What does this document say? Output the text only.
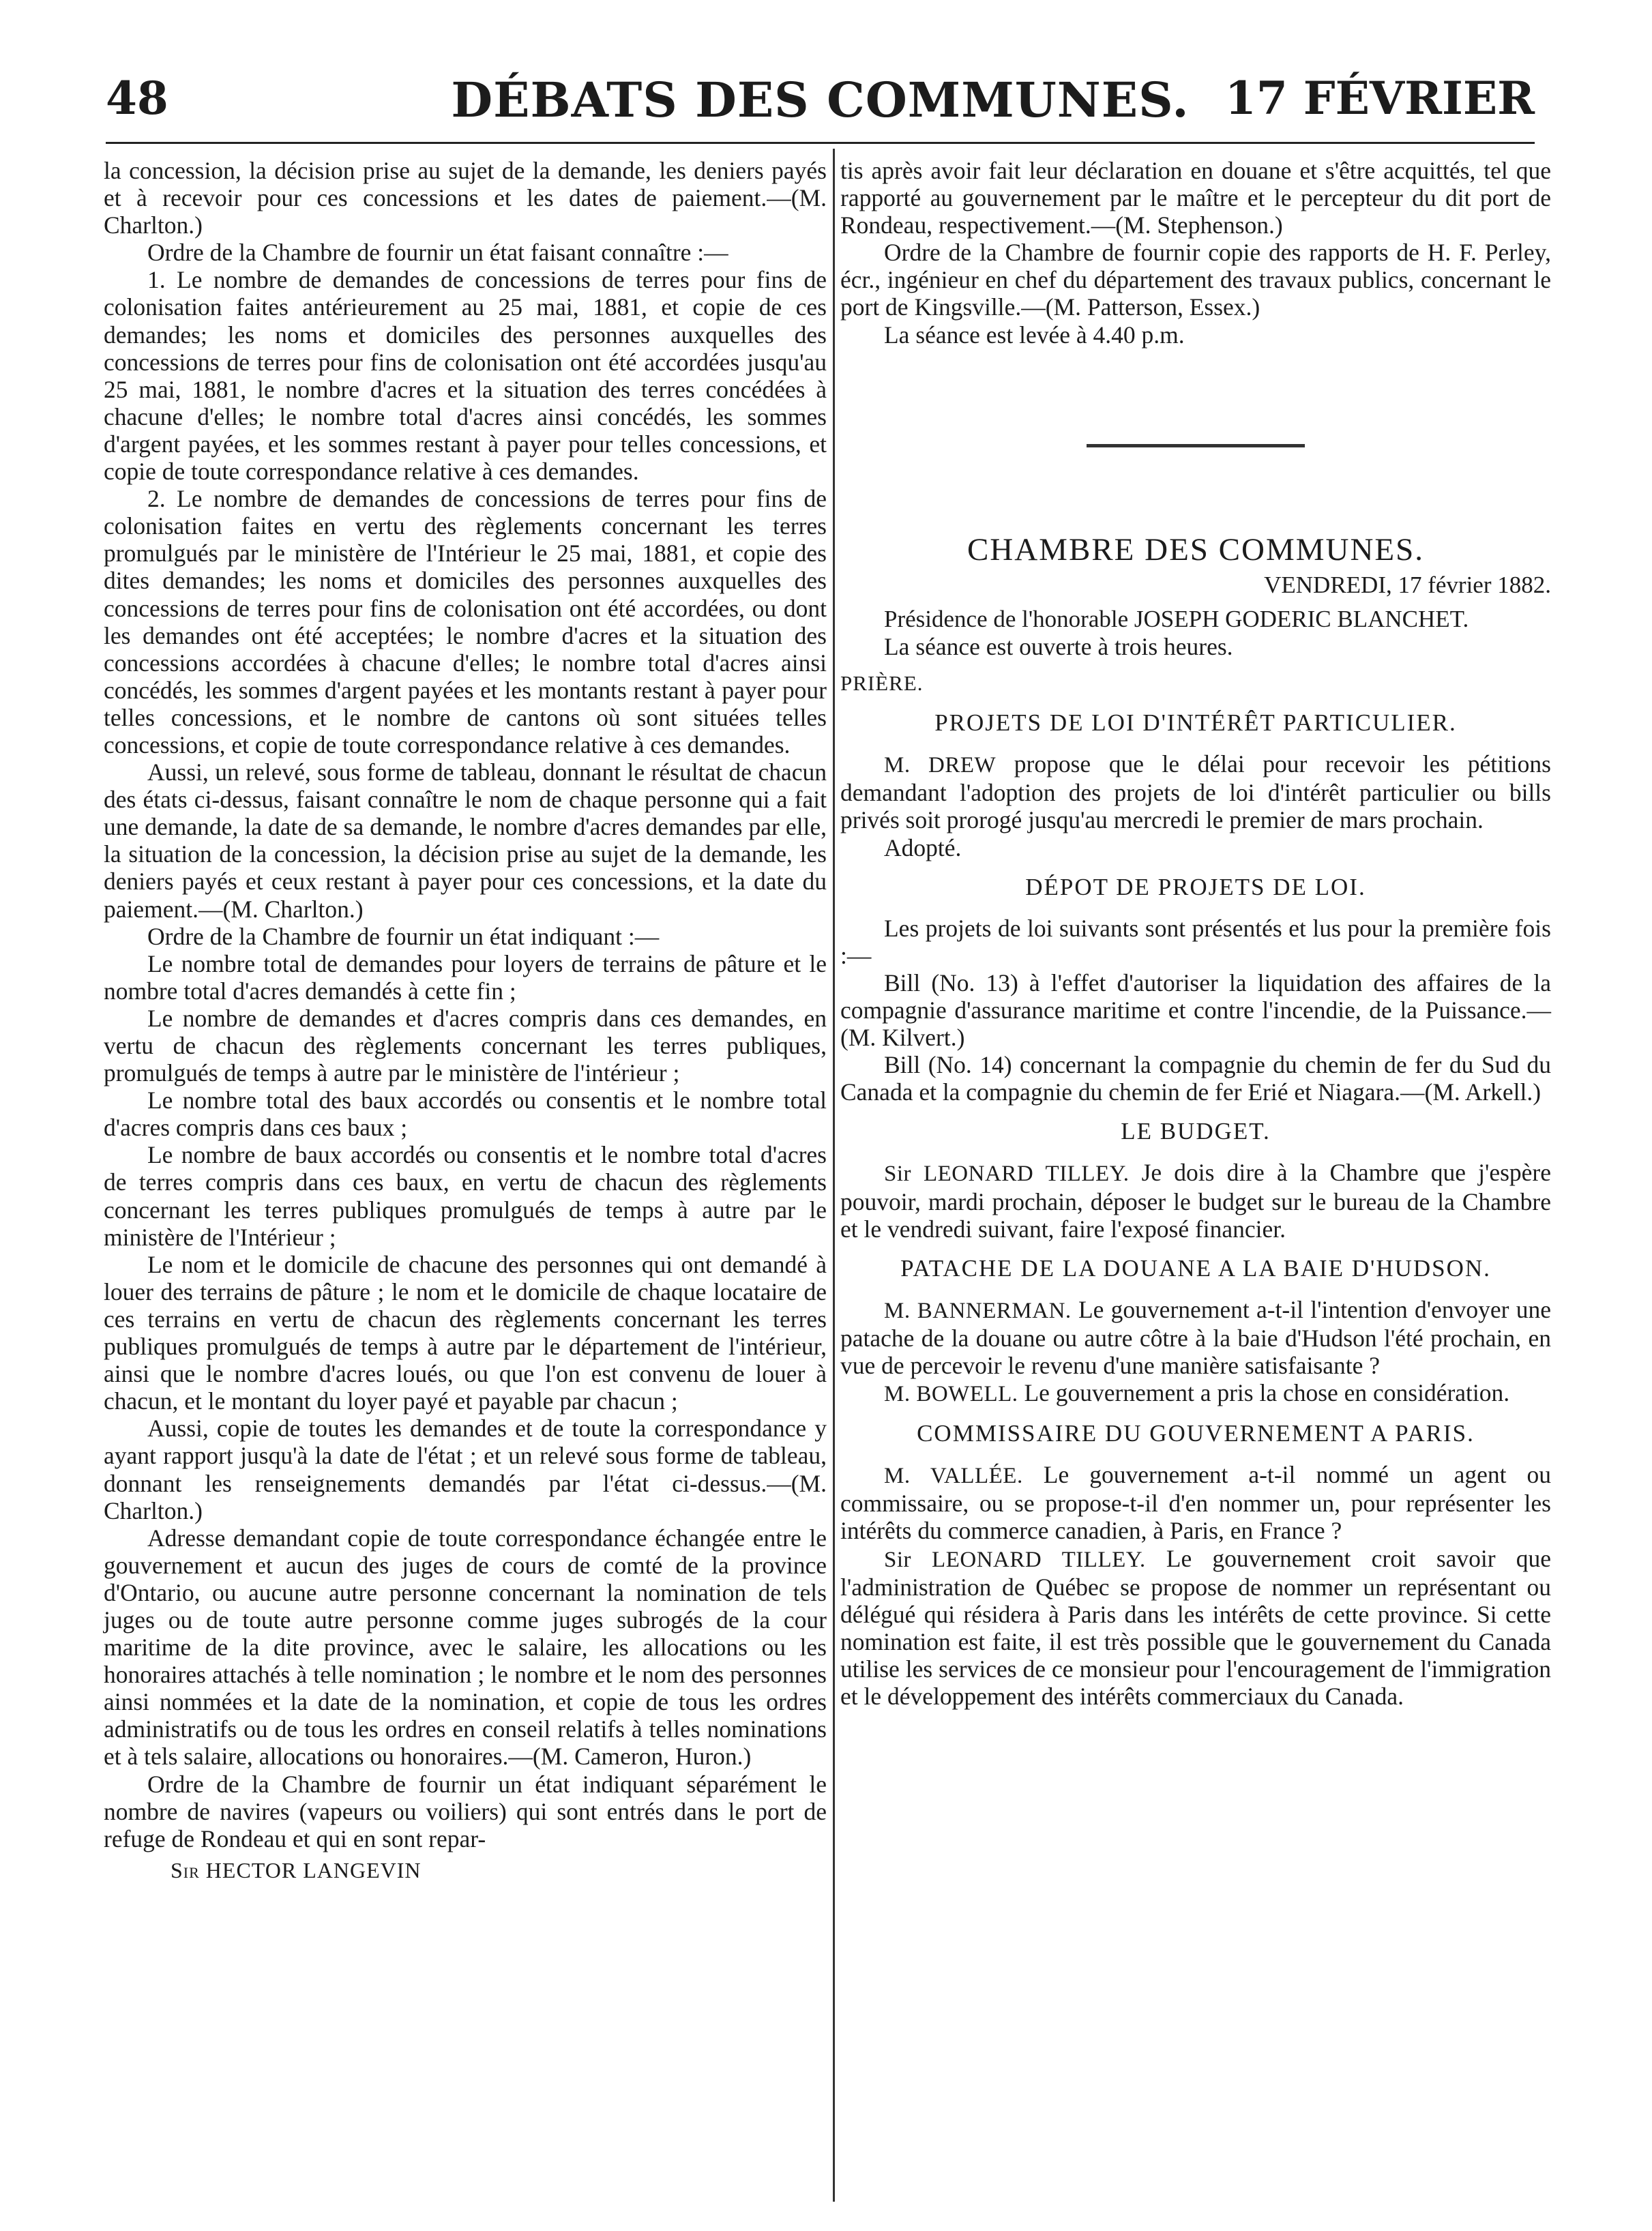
DÉBATS DES COMMUNES.
48	17 FÉVRIER

la concession, la décision prise au sujet de la demande, les deniers payés et à recevoir pour ces concessions et les dates de paiement.—(M. Charlton.)

Ordre de la Chambre de fournir un état faisant connaître :—

1. Le nombre de demandes de concessions de terres pour fins de colonisation faites antérieurement au 25 mai, 1881, et copie de ces demandes; les noms et domiciles des personnes auxquelles des concessions de terres pour fins de colonisation ont été accordées jusqu'au 25 mai, 1881, le nombre d'acres et la situation des terres concédées à chacune d'elles; le nombre total d'acres ainsi concédés, les sommes d'argent payées, et les sommes restant à payer pour telles concessions, et copie de toute correspondance relative à ces demandes.

2. Le nombre de demandes de concessions de terres pour fins de colonisation faites en vertu des règlements concernant les terres promulgués par le ministère de l'Intérieur le 25 mai, 1881, et copie des dites demandes; les noms et domiciles des personnes auxquelles des concessions de terres pour fins de colonisation ont été accordées, ou dont les demandes ont été acceptées; le nombre d'acres et la situation des concessions accordées à chacune d'elles; le nombre total d'acres ainsi concédés, les sommes d'argent payées et les montants restant à payer pour telles concessions, et le nombre de cantons où sont situées telles concessions, et copie de toute correspondance relative à ces demandes.

Aussi, un relevé, sous forme de tableau, donnant le résultat de chacun des états ci-dessus, faisant connaître le nom de chaque personne qui a fait une demande, la date de sa demande, le nombre d'acres demandes par elle, la situation de la concession, la décision prise au sujet de la demande, les deniers payés et ceux restant à payer pour ces concessions, et la date du paiement.—(M. Charlton.)

Ordre de la Chambre de fournir un état indiquant :—

Le nombre total de demandes pour loyers de terrains de pâture et le nombre total d'acres demandés à cette fin ;

Le nombre de demandes et d'acres compris dans ces demandes, en vertu de chacun des règlements concernant les terres publiques, promulgués de temps à autre par le ministère de l'intérieur ;

Le nombre total des baux accordés ou consentis et le nombre total d'acres compris dans ces baux ;

Le nombre de baux accordés ou consentis et le nombre total d'acres de terres compris dans ces baux, en vertu de chacun des règlements concernant les terres publiques promulgués de temps à autre par le ministère de l'Intérieur ;

Le nom et le domicile de chacune des personnes qui ont demandé à louer des terrains de pâture ; le nom et le domicile de chaque locataire de ces terrains en vertu de chacun des règlements concernant les terres publiques promulgués de temps à autre par le département de l'intérieur, ainsi que le nombre d'acres loués, ou que l'on est convenu de louer à chacun, et le montant du loyer payé et payable par chacun ;

Aussi, copie de toutes les demandes et de toute la correspondance y ayant rapport jusqu'à la date de l'état ; et un relevé sous forme de tableau, donnant les renseignements demandés par l'état ci-dessus.—(M. Charlton.)

Adresse demandant copie de toute correspondance échangée entre le gouvernement et aucun des juges de cours de comté de la province d'Ontario, ou aucune autre personne concernant la nomination de tels juges ou de toute autre personne comme juges subrogés de la cour maritime de la dite province, avec le salaire, les allocations ou les honoraires attachés à telle nomination ; le nombre et le nom des personnes ainsi nommées et la date de la nomination, et copie de tous les ordres administratifs ou de tous les ordres en conseil relatifs à telles nominations et à tels salaire, allocations ou honoraires.—(M. Cameron, Huron.)

Ordre de la Chambre de fournir un état indiquant séparément le nombre de navires (vapeurs ou voiliers) qui sont entrés dans le port de refuge de Rondeau et qui en sont repar-

Sir HECTOR LANGEVIN

tis après avoir fait leur déclaration en douane et s'être acquittés, tel que rapporté au gouvernement par le maître et le percepteur du dit port de Rondeau, respectivement.—(M. Stephenson.)

Ordre de la Chambre de fournir copie des rapports de H. F. Perley, écr., ingénieur en chef du département des travaux publics, concernant le port de Kingsville.—(M. Patterson, Essex.)

La séance est levée à 4.40 p.m.

CHAMBRE DES COMMUNES.
VENDREDI, 17 février 1882.

Présidence de l'honorable JOSEPH GODERIC BLANCHET.

La séance est ouverte à trois heures.

PRIÈRE.
PROJETS DE LOI D'INTÉRÊT PARTICULIER.

M. DREW propose que le délai pour recevoir les pétitions demandant l'adoption des projets de loi d'intérêt particulier ou bills privés soit prorogé jusqu'au mercredi le premier de mars prochain.

Adopté.

DÉPOT DE PROJETS DE LOI.

Les projets de loi suivants sont présentés et lus pour la première fois :—

Bill (No. 13) à l'effet d'autoriser la liquidation des affaires de la compagnie d'assurance maritime et contre l'incendie, de la Puissance.—(M. Kilvert.)

Bill (No. 14) concernant la compagnie du chemin de fer du Sud du Canada et la compagnie du chemin de fer Erié et Niagara.—(M. Arkell.)

LE BUDGET.

Sir LEONARD TILLEY. Je dois dire à la Chambre que j'espère pouvoir, mardi prochain, déposer le budget sur le bureau de la Chambre et le vendredi suivant, faire l'exposé financier.

PATACHE DE LA DOUANE A LA BAIE D'HUDSON.

M. BANNERMAN. Le gouvernement a-t-il l'intention d'envoyer une patache de la douane ou autre côtre à la baie d'Hudson l'été prochain, en vue de percevoir le revenu d'une manière satisfaisante ?

M. BOWELL. Le gouvernement a pris la chose en considération.

COMMISSAIRE DU GOUVERNEMENT A PARIS.

M. VALLÉE. Le gouvernement a-t-il nommé un agent ou commissaire, ou se propose-t-il d'en nommer un, pour représenter les intérêts du commerce canadien, à Paris, en France ?

Sir LEONARD TILLEY. Le gouvernement croit savoir que l'administration de Québec se propose de nommer un représentant ou délégué qui résidera à Paris dans les intérêts de cette province. Si cette nomination est faite, il est très possible que le gouvernement du Canada utilise les services de ce monsieur pour l'encouragement de l'immigration et le développement des intérêts commerciaux du Canada.
